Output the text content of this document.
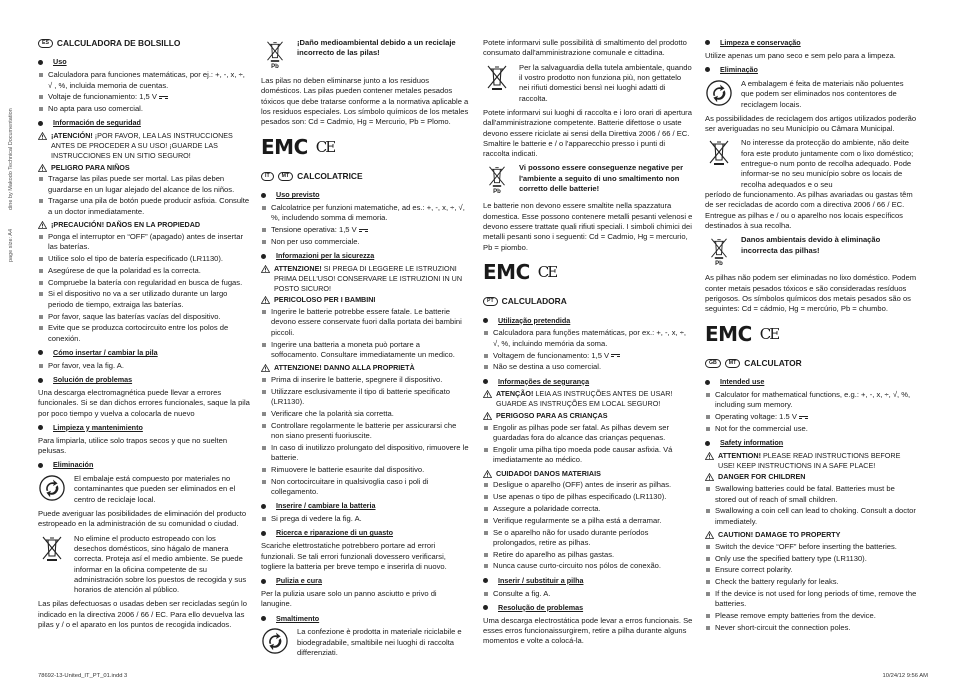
dine by Makodo Technical Documentation
page size: A4
ES CALCULADORA DE BOLSILLO
Uso
Calculadora para funciones matemáticas, por ej.: +, -, x, ÷, √ , %, incluida memoria de cuentas.
Voltaje de funcionamiento: 1,5 V
No apta para uso comercial.
Información de seguridad
¡ATENCIÓN! ¡POR FAVOR, LEA LAS INSTRUCCIONES ANTES DE PROCEDER A SU USO! ¡GUARDE LAS INSTRUCCIONES EN UN SITIO SEGURO!
PELIGRO PARA NIÑOS
Tragarse las pilas puede ser mortal. Las pilas deben guardarse en un lugar alejado del alcance de los niños.
Tragarse una pila de botón puede producir asfixia. Consulte a un doctor inmediatamente.
¡PRECAUCIÓN! DAÑOS EN LA PROPIEDAD
Ponga el interruptor en “OFF” (apagado) antes de insertar las baterías.
Utilice solo el tipo de batería especificado (LR1130).
Asegúrese de que la polaridad es la correcta.
Compruebe la batería con regularidad en busca de fugas.
Si el dispositivo no va a ser utilizado durante un largo periodo de tiempo, extraiga las baterías.
Por favor, saque las baterías vacías del dispositivo.
Evite que se produzca cortocircuito entre los polos de conexión.
Cómo insertar / cambiar la pila
Por favor, vea la fig. A.
Solución de problemas

Una descarga electromagnética puede llevar a errores funcionales. Si se dan dichos errores funcionales, saque la pila por poco tiempo y vuelva a colocarla de nuevo

Limpieza y mantenimiento

Para limpiarla, utilice solo trapos secos y que no suelten pelusas.

Eliminación

El embalaje está compuesto por materiales no contaminantes que pueden ser eliminados en el centro de reciclaje local.

Puede averiguar las posibilidades de eliminación del producto estropeado en la administración de su comunidad o ciudad.

No elimine el producto estropeado con los desechos domésticos, sino hágalo de manera correcta. Proteja así el medio ambiente. Se puede informar en la oficina competente de su administración sobre los puestos de recogida y sus horarios de atención al público.

Las pilas defectuosas o usadas deben ser recicladas según lo indicado en la directiva 2006 / 66 / EC. Para ello devuelva las pilas y / o el aparato en los puntos de recogida indicados.

Pb

¡Daño medioambiental debido a un reciclaje incorrecto de las pilas!

Las pilas no deben eliminarse junto a los residuos domésticos. Las pilas pueden contener metales pesados tóxicos que debe tratarse conforme a la normativa aplicable a los residuos especiales. Los símbolo químicos de los metales pesados son: Cd = Cadmio, Hg = Mercurio, Pb = Plomo.

EMC CE
IT	MT CALCOLATRICE
Uso previsto
Calcolatrice per funzioni matematiche, ad es.: +, -, x, ÷, √, %, includendo somma di memoria.
Tensione operativa: 1,5 V
Non per uso commerciale.
Informazioni per la sicurezza
ATTENZIONE! SI PREGA DI LEGGERE LE ISTRUZIONI PRIMA DELL'USO! CONSERVARE LE ISTRUZIONI IN UN POSTO SICURO!
PERICOLOSO PER I BAMBINI
Ingerire le batterie potrebbe essere fatale. Le batterie devono essere conservate fuori dalla portata dei bambini piccoli.
Ingerire una batteria a moneta può portare a soffocamento. Consultare immediatamente un medico.
ATTENZIONE! DANNO ALLA PROPRIETÀ
Prima di inserire le batterie, spegnere il dispositivo.
Utilizzare esclusivamente il tipo di batterie specificato (LR1130).
Verificare che la polarità sia corretta.
Controllare regolarmente le batterie per assicurarsi che non siano presenti fuoriuscite.
In caso di inutilizzo prolungato del dispositivo, rimuovere le batterie.
Rimuovere le batterie esaurite dal dispositivo.
Non cortocircuitare in qualsivoglia caso i poli di collegamento.
Inserire / cambiare la batteria
Si prega di vedere la fig. A.
Ricerca e riparazione di un guasto

Scariche elettrostatiche potrebbero portare ad errori funzionali. Se tali errori funzionali dovessero verificarsi, togliere la batteria per breve tempo e inserirla di nuovo.

Pulizia e cura

Per la pulizia usare solo un panno asciutto e privo di lanugine.

Smaltimento

La confezione è prodotta in materiale riciclabile e biodegradabile, smaltibile nei luoghi di raccolta differenziati.

Potete informarvi sulle possibilità di smaltimento del prodotto consumato dall'amministrazione comunale e cittadina.

Per la salvaguardia della tutela ambientale, quando il vostro prodotto non funziona più, non gettatelo nei rifiuti domestici bensì nei luoghi adatti di raccolta.

Potete informarvi sui luoghi di raccolta e i loro orari di apertura dall'amministrazione competente. Batterie difettose o usate devono essere riciclate ai sensi della Direttiva 2006 / 66 / EC. Smaltire le batterie e / o l'apparecchio presso i punti di raccolta indicati.

Pb

Vi possono essere conseguenze negative per l'ambiente a seguito di uno smaltimento non corretto delle batterie!

Le batterie non devono essere smaltite nella spazzatura domestica. Esse possono contenere metalli pesanti velenosi e devono essere trattate quali rifiuti speciali. I simboli chimici dei metalli pesanti sono i seguenti: Cd = Cadmio, Hg = mercurio, Pb = piombo.

EMC CE
PT CALCULADORA
Utilização pretendida
Calculadora para funções matemáticas, por ex.: +, -, x, ÷, √, %, incluindo memória da soma.
Voltagem de funcionamento: 1,5 V
Não se destina a uso comercial.
Informações de segurança
ATENÇÃO! LEIA AS INSTRUÇÕES ANTES DE USAR! GUARDE AS INSTRUÇÕES EM LOCAL SEGURO!
PERIGOSO PARA AS CRIANÇAS
Engolir as pilhas pode ser fatal. As pilhas devem ser guardadas fora do alcance das crianças pequenas.
Engolir uma pilha tipo moeda pode causar asfixia. Vá imediatamente ao médico.
CUIDADO! DANOS MATERIAIS
Desligue o aparelho (OFF) antes de inserir as pilhas.
Use apenas o tipo de pilhas especificado (LR1130).
Assegure a polaridade correcta.
Verifique regularmente se a pilha está a derramar.
Se o aparelho não for usado durante períodos prolongados, retire as pilhas.
Retire do aparelho as pilhas gastas.
Nunca cause curto-circuito nos pólos de conexão.
Inserir / substituir a pilha
Consulte a fig. A.
Resolução de problemas

Uma descarga electrostática pode levar a erros funcionais. Se esses erros funcionaissurgirem, retire a pilha durante alguns momentos e volte a colocá-la.

Limpeza e conservação

Utilize apenas um pano seco e sem pelo para a limpeza.

Eliminação

A embalagem é feita de materiais não poluentes que podem ser eliminados nos contentores de reciclagem locais.

As possibilidades de reciclagem dos artigos utilizados poderão ser averiguadas no seu Município ou Câmara Municipal.

No interesse da protecção do ambiente, não deite fora este produto juntamente com o lixo doméstico; entregue-o num ponto de recolha adequado. Pode informar-se no seu município sobre os locais de recolha adequados e o seu

período de funcionamento. As pilhas avariadas ou gastas têm de ser recicladas de acordo com a directiva 2006 / 66 / EC. Entregue as pilhas e / ou o aparelho nos locais específicos destinados à sua recolha.

Pb

Danos ambientais devido à eliminação incorrecta das pilhas!

As pilhas não podem ser eliminadas no lixo doméstico. Podem conter metais pesados tóxicos e são consideradas resíduos perigosos. Os símbolos químicos dos metais pesados são os seguintes: Cd = cádmio, Hg = mercúrio, Pb = chumbo.

EMC CE
GB	MT CALCULATOR
Intended use
Calculator for mathematical functions, e.g.: +, -, x, ÷, √, %, including sum memory.
Operating voltage: 1.5 V
Not for the commercial use.
Safety information
ATTENTION! PLEASE READ INSTRUCTIONS BEFORE USE! KEEP INSTRUCTIONS IN A SAFE PLACE!
DANGER FOR CHILDREN
Swallowing batteries could be fatal. Batteries must be stored out of reach of small children.
Swallowing a coin cell can lead to choking. Consult a doctor immediately.
CAUTION! DAMAGE TO PROPERTY
Switch the device “OFF” before inserting the batteries.
Only use the specified battery type (LR1130).
Ensure correct polarity.
Check the battery regularly for leaks.
If the device is not used for long periods of time, remove the batteries.
Please remove empty batteries from the device.
Never short-circuit the connection poles.
78692-13-United_IT_PT_01.indd 3	10/24/12 9:56 AM
